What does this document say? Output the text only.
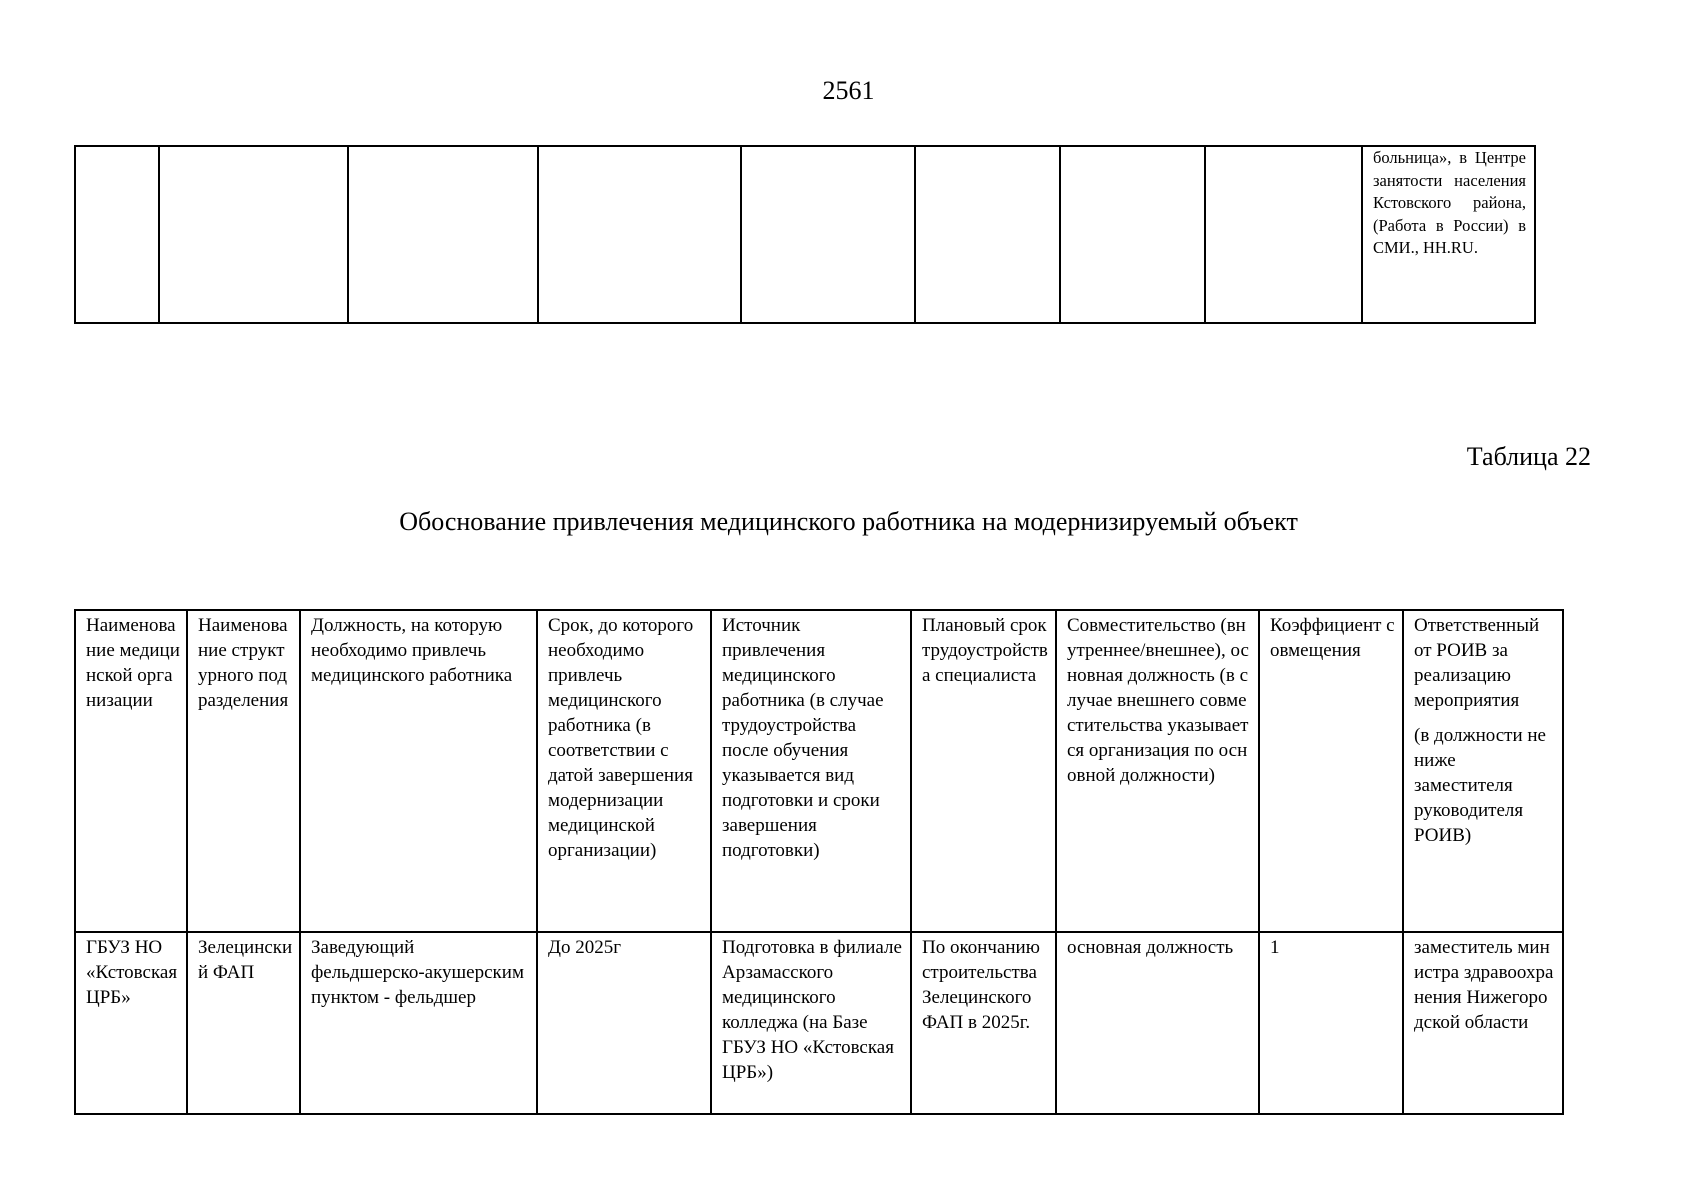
2561
								больница», в Центре занятости населения Кстовского района, (Работа в России) в СМИ., HH.RU.
Таблица 22
Обоснование привлечения медицинского работника на модернизируемый объект
Наименование медицинской организации	Наименование структурного подразделения	Должность, на которую необходимо привлечь медицинского работника	Срок, до которого необходимо привлечь медицинского работника (в соответствии с датой завершения модернизации медицинской организации)	Источник привлечения медицинского работника (в случае трудоустройства после обучения указывается вид подготовки и сроки завершения подготовки)	Плановый срок трудоустройства специалиста	Совместительство (внутреннее/внешнее), основная должность (в случае внешнего совместительства указывается организация по основной должности)	Коэффициент совмещения	Ответственный от РОИВ за реализацию мероприятия
(в должности не ниже заместителя руководителя РОИВ)

ГБУЗ НО «Кстовская ЦРБ»	Зелецинский ФАП	Заведующий фельдшерско-акушерским пунктом - фельдшер	До 2025г	Подготовка в филиале Арзамасского медицинского колледжа (на Базе ГБУЗ НО «Кстовская ЦРБ»)	По окончанию строительства Зелецинского ФАП в 2025г.	основная должность	1	заместитель министра здравоохранения Нижегородской области
